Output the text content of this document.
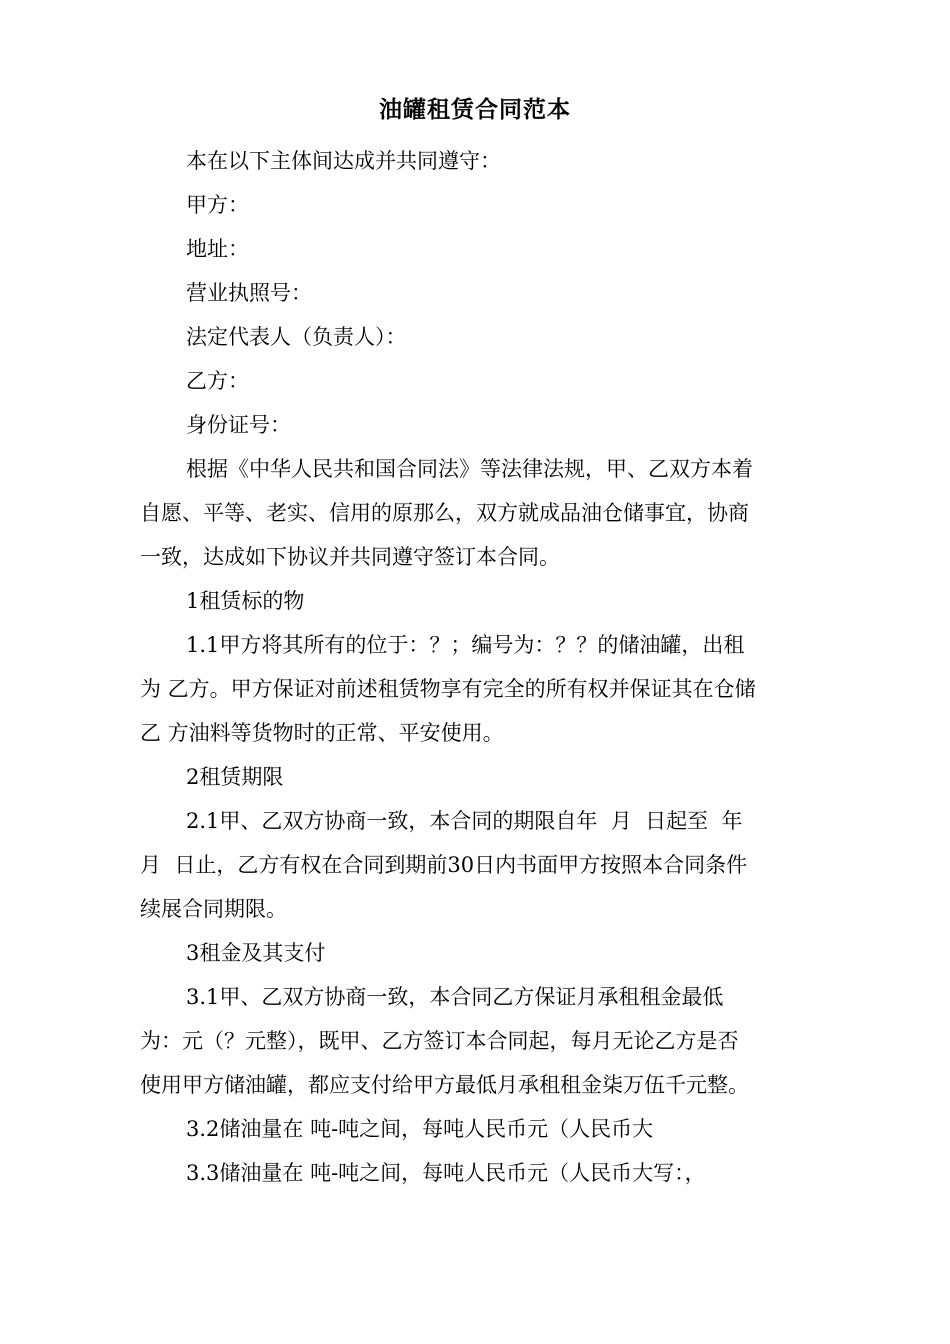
油罐租赁合同范本

本在以下主体间达成并共同遵守：

甲方：

地址：

营业执照号：

法定代表人（负责人）：

乙方：

身份证号：

根据《中华人民共和国合同法》等法律法规，甲、乙双方本着
自愿、平等、老实、信用的原那么，双方就成品油仓储事宜，协商
一致，达成如下协议并共同遵守签订本合同。

1租赁标的物

1.1甲方将其所有的位于：？；编号为：？？的储油罐，出租
为 乙方。甲方保证对前述租赁物享有完全的所有权并保证其在仓储
乙 方油料等货物时的正常、平安使用。

2租赁期限

2.1甲、乙双方协商一致，本合同的期限自年  月  日起至  年
月  日止，乙方有权在合同到期前30日内书面甲方按照本合同条件
续展合同期限。

3租金及其支付

3.1甲、乙双方协商一致，本合同乙方保证月承租租金最低
为：元（？元整），既甲、乙方签订本合同起，每月无论乙方是否
使用甲方储油罐，都应支付给甲方最低月承租租金柒万伍千元整。

3.2储油量在 吨-吨之间，每吨人民币元（人民币大

3.3储油量在 吨-吨之间，每吨人民币元（人民币大写：，
